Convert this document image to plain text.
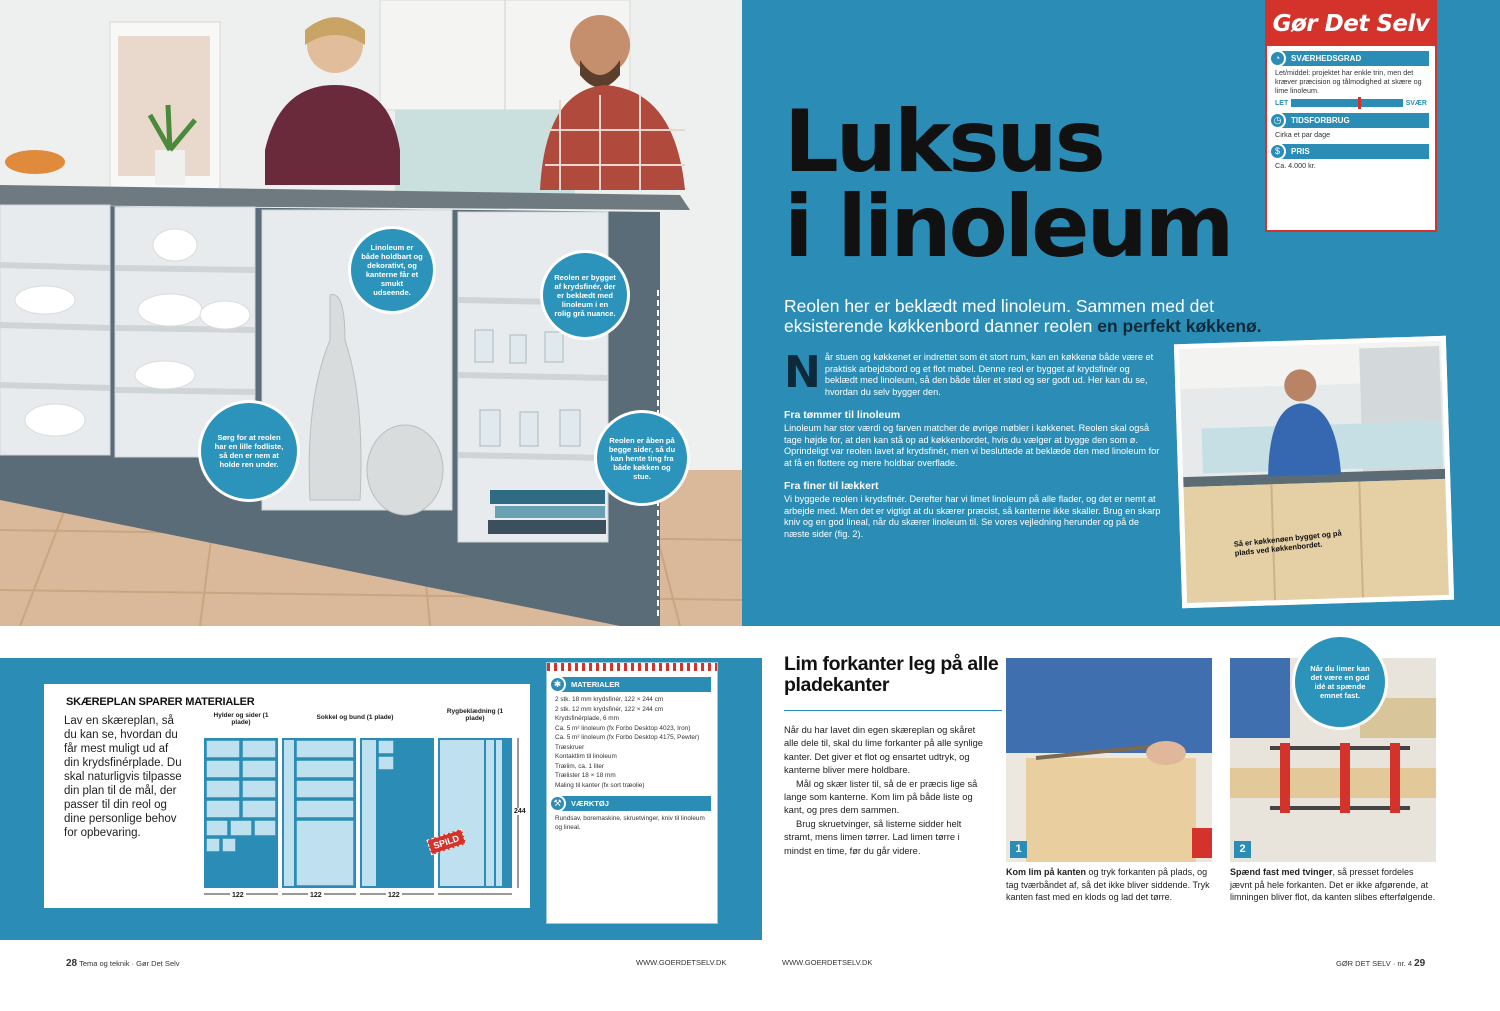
Linoleum er både holdbart og dekorativt, og kanterne får et smukt udseende.
Reolen er bygget af krydsfinér, der er beklædt med linoleum i en rolig grå nuance.
Sørg for at reolen har en lille fodliste, så den er nem at holde ren under.
Reolen er åben på begge sider, så du kan hente ting fra både køkken og stue.
Luksus
i linoleum
Reolen her er beklædt med linoleum. Sammen med det eksisterende køkkenbord danner reolen en perfekt køkkenø.
N år stuen og køkkenet er indrettet som ét stort rum, kan en køkkenø både være et praktisk arbejdsbord og et flot møbel. Denne reol er bygget af krydsfinér og beklædt med linoleum, så den både tåler et stød og ser godt ud. Her kan du se, hvordan du selv bygger den.
Fra tømmer til linoleum
Linoleum har stor værdi og farven matcher de øvrige møbler i køkkenet. Reolen skal også tage højde for, at den kan stå op ad køkkenbordet, hvis du vælger at bygge den som ø. Oprindeligt var reolen lavet af krydsfinér, men vi besluttede at beklæde den med linoleum for at få en flottere og mere holdbar overflade.
Fra finer til lækkert
Vi byggede reolen i krydsfinér. Derefter har vi limet linoleum på alle flader, og det er nemt at arbejde med. Men det er vigtigt at du skærer præcist, så kanterne ikke skaller. Brug en skarp kniv og en god lineal, når du skærer linoleum til. Se vores vejledning herunder og på de næste sider (fig. 2).	Så er køkkenøen bygget og på plads ved køkkenbordet.
Gør Det Selv
◔	SVÆRHEDSGRAD
Let/middel: projektet har enkle trin, men det kræver præcision og tålmodighed at skære og lime linoleum.
LET	SVÆR
◷	TIDSFORBRUG
Cirka et par dage
$	PRIS
Ca. 4.000 kr.
Hylder og sider (1 plade)
Sokkel og bund (1 plade)
Rygbeklædning (1 plade)
122	122	122
244
SPILD
SKÆREPLAN SPARER MATERIALER
Lav en skæreplan, så du kan se, hvordan du får mest muligt ud af din krydsfinérplade. Du skal naturligvis tilpasse din plan til de mål, der passer til din reol og dine personlige behov for opbevaring.
✱	MATERIALER
2 stk. 18 mm krydsfinér, 122 × 244 cm
2 stk. 12 mm krydsfinér, 122 × 244 cm
Krydsfinérplade, 6 mm
Ca. 5 m² linoleum (fx Forbo Desktop 4023, Iron)
Ca. 5 m² linoleum (fx Forbo Desktop 4175, Pewter)
Træskruer
Kontaktlim til linoleum
Trælim, ca. 1 liter
Trælister 18 × 18 mm
Maling til kanter (fx sort træolie)
⚒	VÆRKTØJ
Rundsav, boremaskine, skruetvinger, kniv til linoleum og lineal.
Lim forkanter leg på alle pladekanter

Når du har lavet din egen skæreplan og skåret alle dele til, skal du lime forkanter på alle synlige kanter. Det giver et flot og ensartet udtryk, og kanterne bliver mere holdbare.

Mål og skær lister til, så de er præcis lige så lange som kanterne. Kom lim på både liste og kant, og pres dem sammen.

Brug skruetvinger, så listerne sidder helt stramt, mens limen tørrer. Lad limen tørre i mindst en time, før du går videre.	1	2
Når du limer kan det være en god idé at spænde emnet fast.
Kom lim på kanten og tryk forkanten på plads, og tag tværbåndet af, så det ikke bliver siddende. Tryk kanten fast med en klods og lad det tørre.
Spænd fast med tvinger, så presset fordeles jævnt på hele forkanten. Det er ikke afgørende, at limningen bliver flot, da kanten slibes efterfølgende.
28 Tema og teknik · Gør Det Selv	WWW.GOERDETSELV.DK	WWW.GOERDETSELV.DK	GØR DET SELV · nr. 4 29
